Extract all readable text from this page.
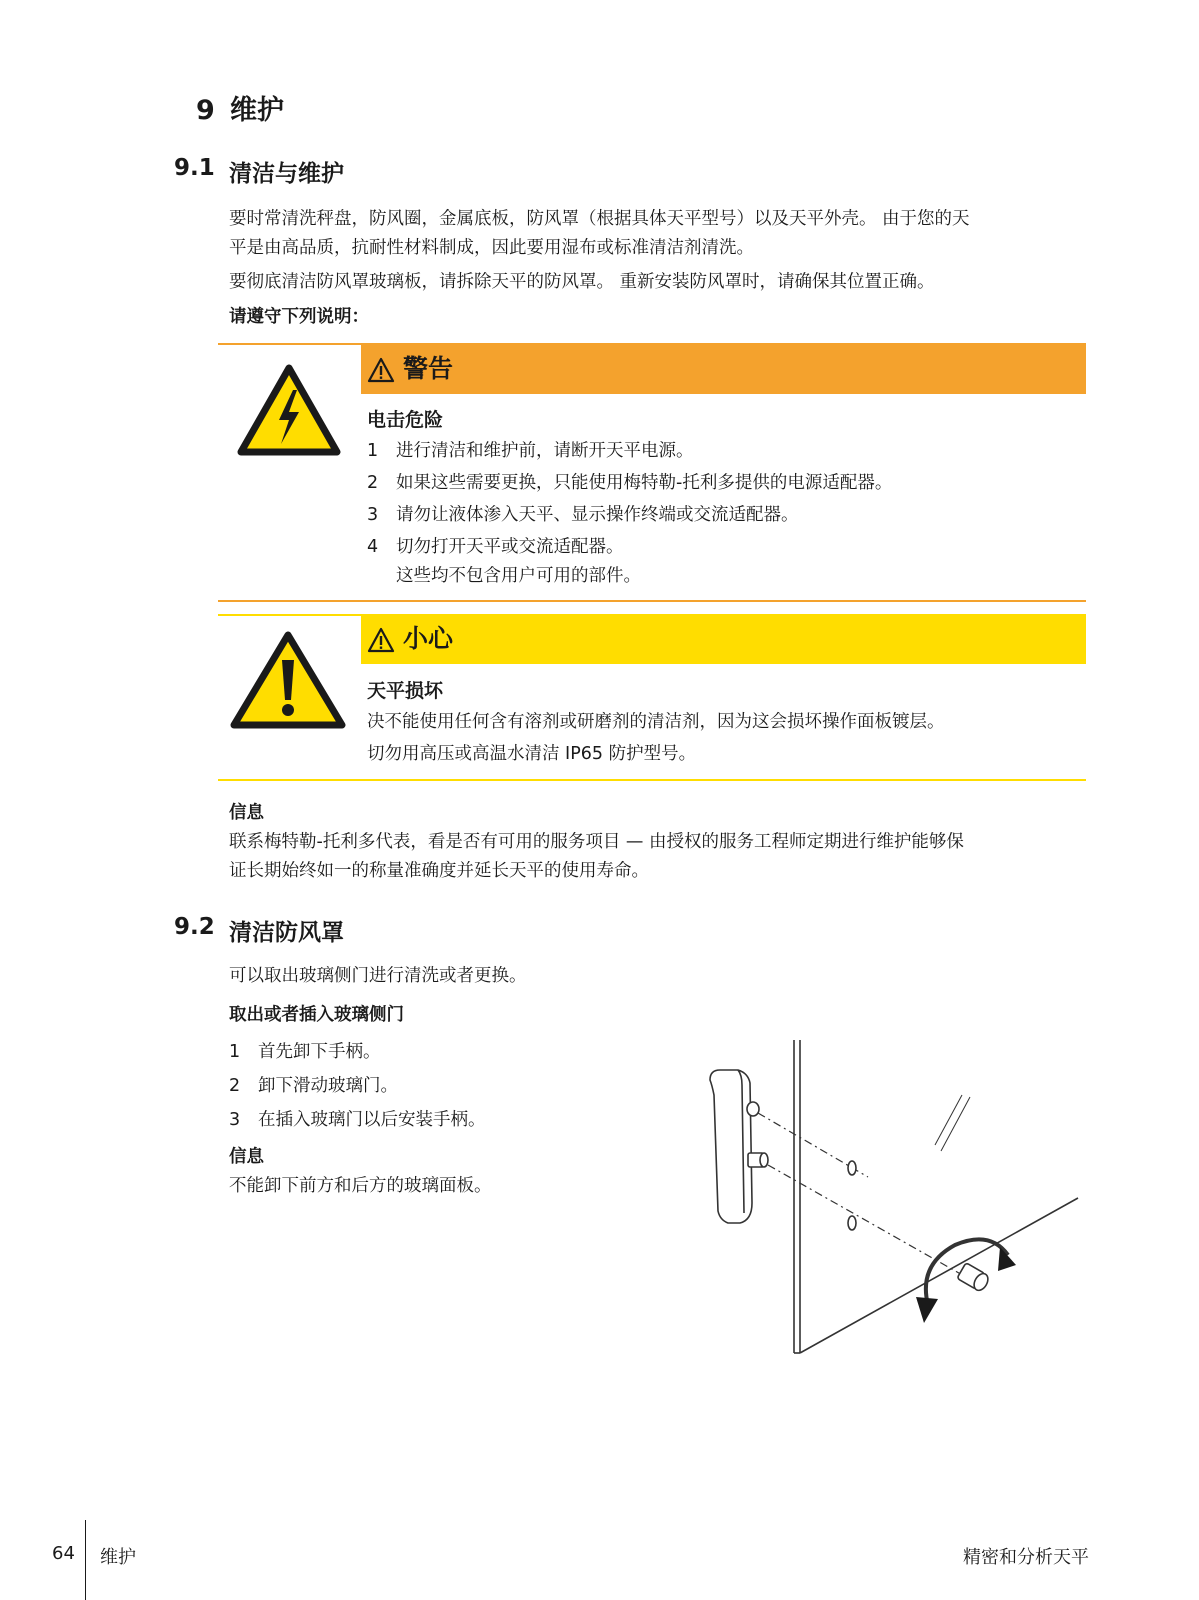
9 维护
9.1 清洁与维护
要时常清洗秤盘，防风圈，金属底板，防风罩（根据具体天平型号）以及天平外壳。 由于您的天
平是由高品质，抗耐性材料制成，因此要用湿布或标准清洁剂清洗。
要彻底清洁防风罩玻璃板，请拆除天平的防风罩。 重新安装防风罩时，请确保其位置正确。
请遵守下列说明：
警告
电击危险
1 进行清洁和维护前，请断开天平电源。
2 如果这些需要更换，只能使用梅特勒-托利多提供的电源适配器。
3 请勿让液体渗入天平、显示操作终端或交流适配器。
4 切勿打开天平或交流适配器。
这些均不包含用户可用的部件。
小心
天平损坏
决不能使用任何含有溶剂或研磨剂的清洁剂，因为这会损坏操作面板镀层。
切勿用高压或高温水清洁 IP65 防护型号。
信息
联系梅特勒-托利多代表，看是否有可用的服务项目 — 由授权的服务工程师定期进行维护能够保
证长期始终如一的称量准确度并延长天平的使用寿命。
9.2 清洁防风罩
可以取出玻璃侧门进行清洗或者更换。
取出或者插入玻璃侧门
1 首先卸下手柄。
2 卸下滑动玻璃门。
3 在插入玻璃门以后安装手柄。
信息
不能卸下前方和后方的玻璃面板。
64 维护	精密和分析天平
